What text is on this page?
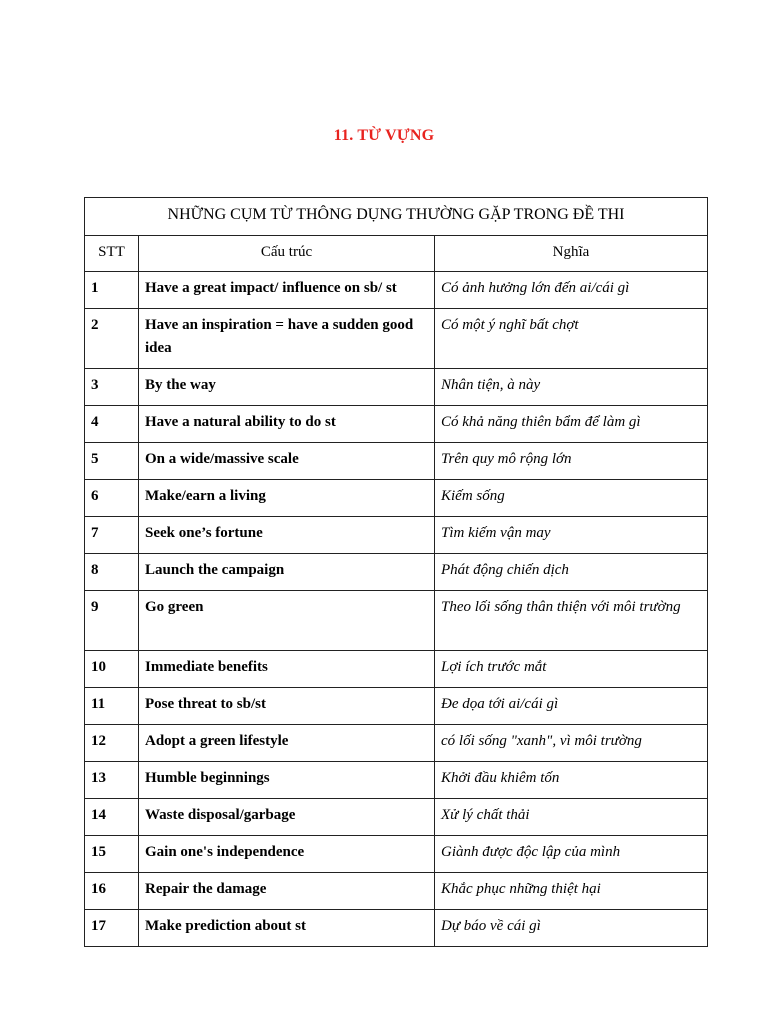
11. TỪ VỰNG
NHỮNG CỤM TỪ THÔNG DỤNG THƯỜNG GẶP TRONG ĐỀ THI		
STT	Cấu trúc	Nghĩa
1	Have a great impact/ influence on sb/ st	Có ảnh hưởng lớn đến ai/cái gì
2	Have an inspiration = have a sudden good idea	Có một ý nghĩ bất chợt
3	By the way	Nhân tiện, à này
4	Have a natural ability to do st	Có khả năng thiên bẩm để làm gì
5	On a wide/massive scale	Trên quy mô rộng lớn
6	Make/earn a living	Kiếm sống
7	Seek one’s fortune	Tìm kiếm vận may
8	Launch the campaign	Phát động chiến dịch
9	Go green	Theo lối sống thân thiện với môi trường
10	Immediate benefits	Lợi ích trước mắt
11	Pose threat to sb/st	Đe dọa tới ai/cái gì
12	Adopt a green lifestyle	có lối sống "xanh", vì môi trường
13	Humble beginnings	Khởi đầu khiêm tốn
14	Waste disposal/garbage	Xử lý chất thải
15	Gain one's independence	Giành được độc lập của mình
16	Repair the damage	Khắc phục những thiệt hại
17	Make prediction about st	Dự báo về cái gì
